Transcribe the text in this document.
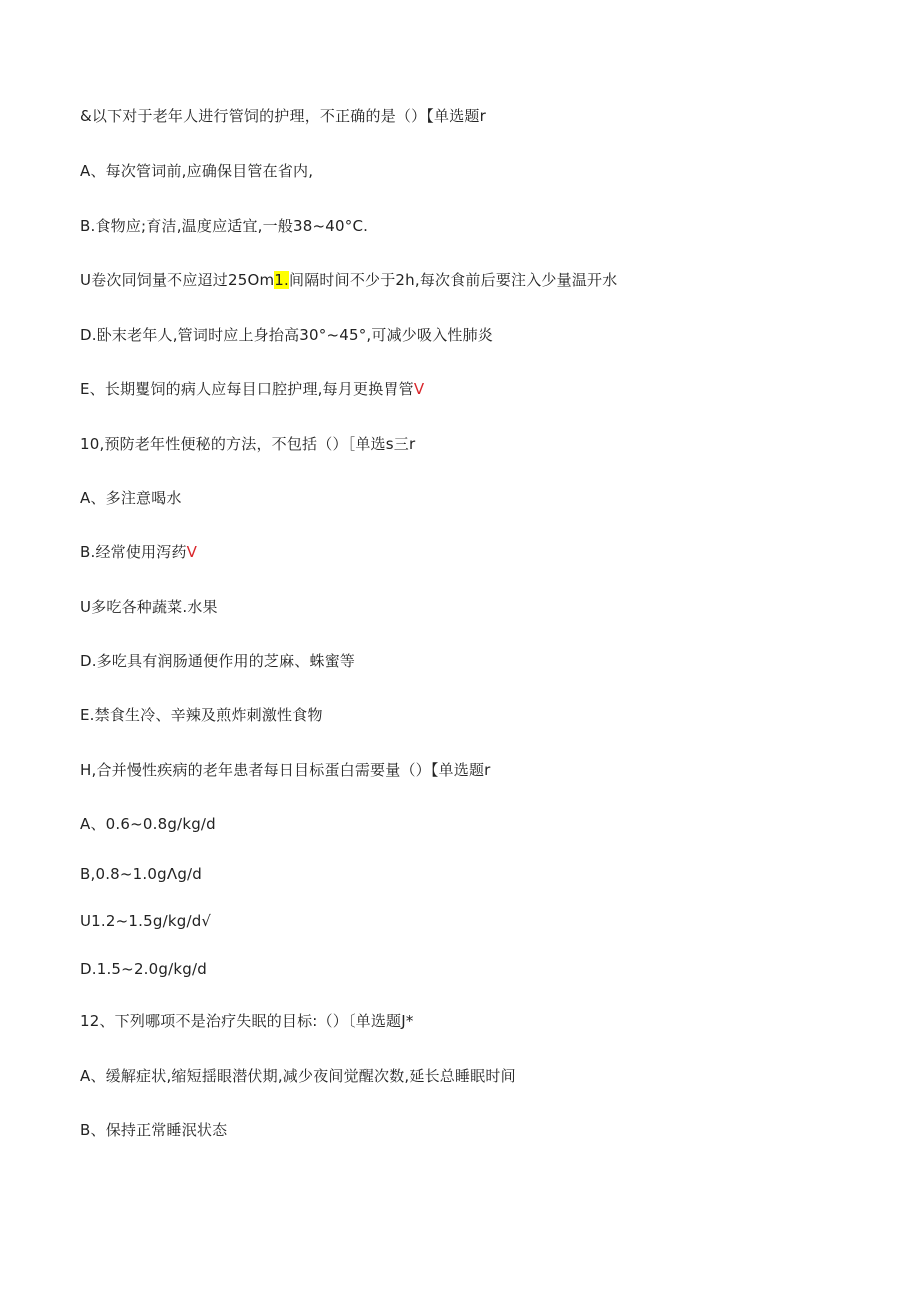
&以下对于老年人进行管饲的护理，不正确的是（）【单选题r
A、每次管词前,应确保目管在省内,
B.食物应;育洁,温度应适宜,一般38~40°C.
U卷次同饲量不应迢过25Om1.间隔时间不少于2h,每次食前后要注入少量温开水
D.卧末老年人,管词时应上身抬高30°~45°,可减少吸入性肺炎
E、长期矍饲的病人应每目口腔护理,每月更换胃管V
10,预防老年性便秘的方法，不包括（）［单选s三r
A、多注意喝水
B.经常使用泻药V
U多吃各种蔬菜.水果
D.多吃具有润肠通便作用的芝麻、蛛蜜等
E.禁食生冷、辛辣及煎炸刺激性食物
H,合并慢性疾病的老年患者每日目标蛋白需要量（）【单选题r
A、0.6~0.8g∕kg∕d
B,0.8~1.0gΛg∕d
U1.2~1.5g∕kg∕d√
D.1.5~2.0g∕kg∕d
12、下列哪项不是治疗失眠的目标:（）〔单选题J*
A、缓解症状,缩短揺眼潜伏期,减少夜间觉醒次数,延长总睡眠时间
B、保持正常睡泯状态
